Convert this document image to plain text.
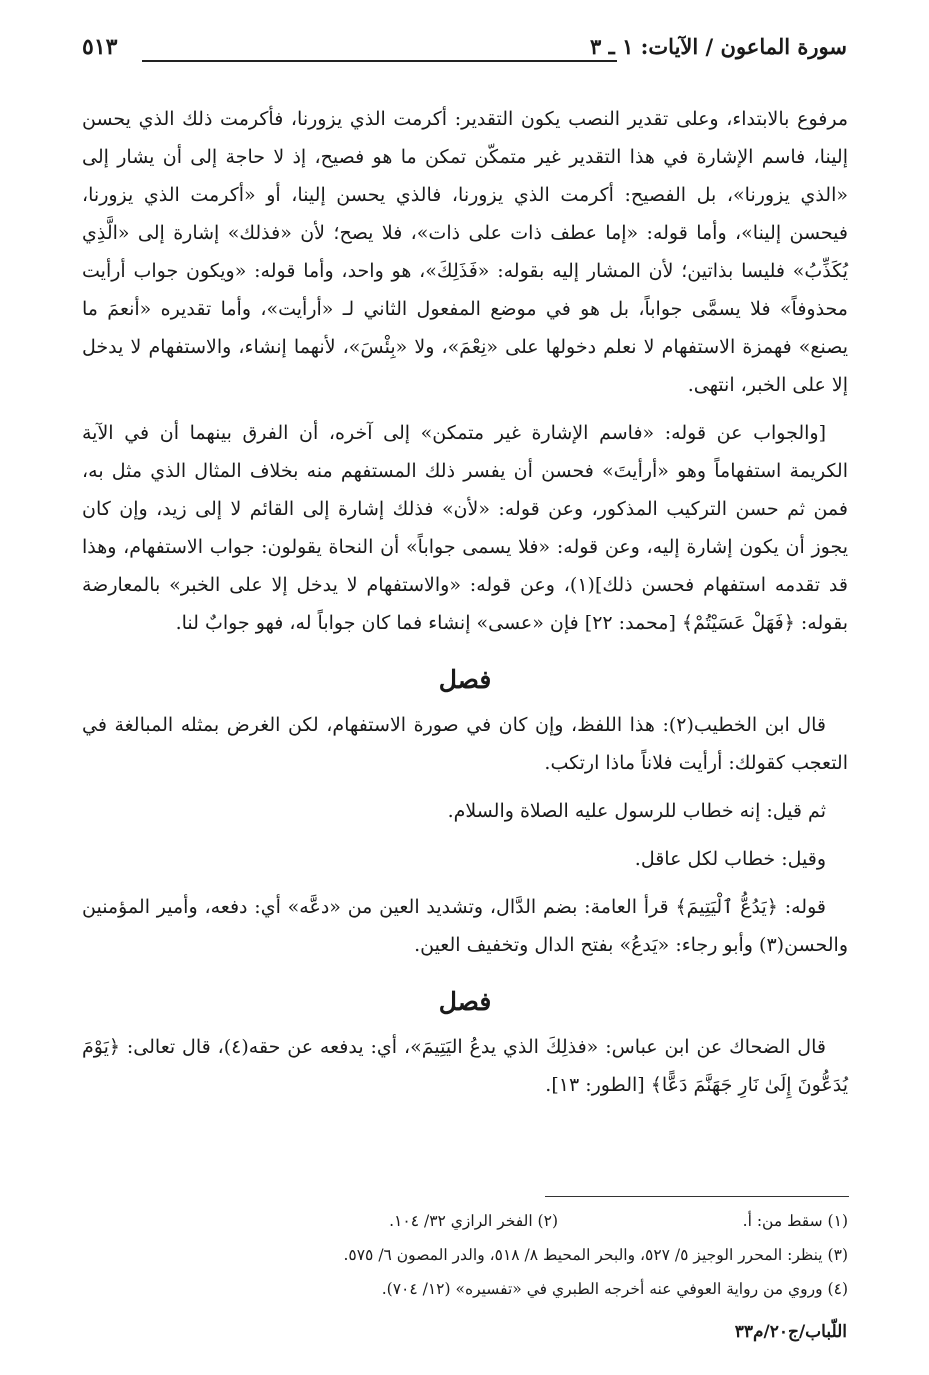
سورة الماعون / الآيات: ١ ـ ٣
٥١٣

مرفوع بالابتداء، وعلى تقدير النصب يكون التقدير: أكرمت الذي يزورنا، فأكرمت ذلك الذي يحسن إلينا، فاسم الإشارة في هذا التقدير غير متمكّن تمكن ما هو فصيح، إذ لا حاجة إلى أن يشار إلى «الذي يزورنا»، بل الفصيح: أكرمت الذي يزورنا، فالذي يحسن إلينا، أو «أكرمت الذي يزورنا، فيحسن إلينا»، وأما قوله: «إما عطف ذات على ذات»، فلا يصح؛ لأن «فذلك» إشارة إلى «الَّذِي يُكَذِّبُ» فليسا بذاتين؛ لأن المشار إليه بقوله: «فَذَلِكَ»، هو واحد، وأما قوله: «ويكون جواب أرأيت محذوفاً» فلا يسمَّى جواباً، بل هو في موضع المفعول الثاني لـ «أرأيت»، وأما تقديره «أنعمَ ما يصنع» فهمزة الاستفهام لا نعلم دخولها على «نِعْمَ»، ولا «بِئْسَ»، لأنهما إنشاء، والاستفهام لا يدخل إلا على الخبر، انتهى.

[والجواب عن قوله: «فاسم الإشارة غير متمكن» إلى آخره، أن الفرق بينهما أن في الآية الكريمة استفهاماً وهو «أرأيتَ» فحسن أن يفسر ذلك المستفهم منه بخلاف المثال الذي مثل به، فمن ثم حسن التركيب المذكور، وعن قوله: «لأن» فذلك إشارة إلى القائم لا إلى زيد، وإن كان يجوز أن يكون إشارة إليه، وعن قوله: «فلا يسمى جواباً» أن النحاة يقولون: جواب الاستفهام، وهذا قد تقدمه استفهام فحسن ذلك](١)، وعن قوله: «والاستفهام لا يدخل إلا على الخبر» بالمعارضة بقوله: ﴿فَهَلْ عَسَيْتُمْ﴾ [محمد: ٢٢] فإن «عسى» إنشاء فما كان جواباً له، فهو جوابٌ لنا.

فصل

قال ابن الخطيب(٢): هذا اللفظ، وإن كان في صورة الاستفهام، لكن الغرض بمثله المبالغة في التعجب كقولك: أرأيت فلاناً ماذا ارتكب.

ثم قيل: إنه خطاب للرسول عليه الصلاة والسلام.

وقيل: خطاب لكل عاقل.

قوله: ﴿يَدُعُّ ٱلْيَتِيمَ﴾ قرأ العامة: بضم الدَّال، وتشديد العين من «دعَّه» أي: دفعه، وأمير المؤمنين والحسن(٣) وأبو رجاء: «يَدعُ» بفتح الدال وتخفيف العين.

فصل

قال الضحاك عن ابن عباس: «فذلِكَ الذي يدعُ اليَتِيمَ»، أي: يدفعه عن حقه(٤)، قال تعالى: ﴿يَوْمَ يُدَعُّونَ إِلَىٰ نَارِ جَهَنَّمَ دَعًّا﴾ [الطور: ١٣].

(١) سقط من: أ.
(٢) الفخر الرازي ٣٢/ ١٠٤.
(٣) ينظر: المحرر الوجيز ٥/ ٥٢٧، والبحر المحيط ٨/ ٥١٨، والدر المصون ٦/ ٥٧٥.
(٤) وروي من رواية العوفي عنه أخرجه الطبري في «تفسيره» (١٢/ ٧٠٤).
اللّباب/ج٢٠/م٣٣
